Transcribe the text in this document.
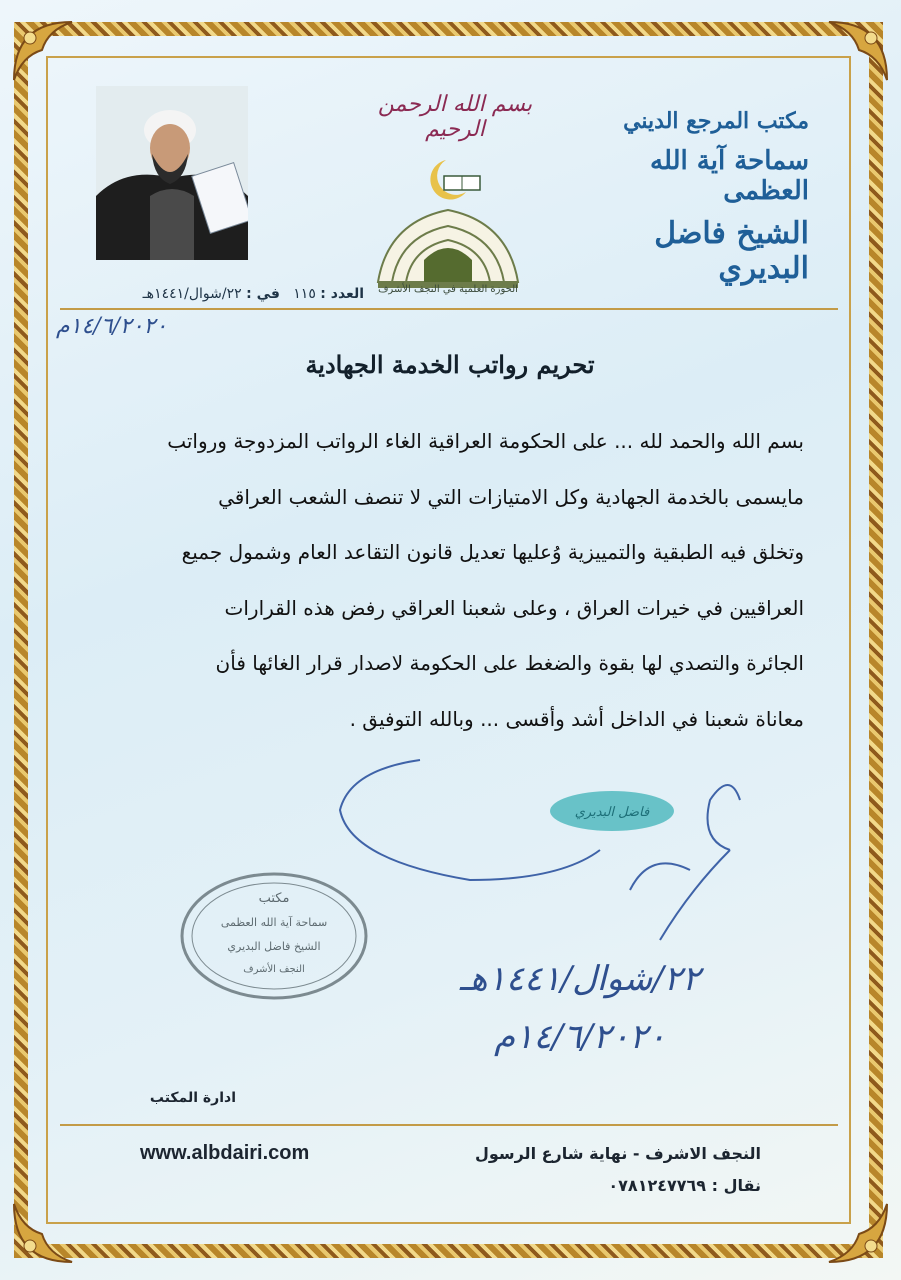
مكتب المرجع الديني
سماحة آية الله العظمى
الشيخ فاضل البديري
بسم الله الرحمن الرحيم
الحوزة العلمية في النجف الأشرف
العدد : ١١٥   في : ٢٢/شوال/١٤٤١هـ
١٤/٦/٢٠٢٠م
تحريم رواتب الخدمة الجهادية

بسم الله والحمد لله ... على الحكومة العراقية الغاء الرواتب المزدوجة ورواتب

مايسمى بالخدمة الجهادية وكل الامتيازات التي لا تنصف الشعب العراقي

وتخلق فيه الطبقية والتمييزية وُعليها تعديل قانون التقاعد العام وشمول جميع

العراقيين في خيرات العراق ، وعلى شعبنا العراقي رفض هذه القرارات

الجائرة والتصدي لها بقوة والضغط على الحكومة لاصدار قرار الغائها فأن

معاناة شعبنا في الداخل أشد وأقسى ... وبالله التوفيق .

فاضل البديري
مكتب
سماحة آية الله العظمى
الشيخ فاضل البديري
النجف الأشرف	٢٢/شوال/١٤٤١هـ
١٤/٦/٢٠٢٠م
ادارة المكتب
النجف الاشرف - نهاية شارع الرسول
نقال : ٠٧٨١٢٤٧٧٦٩
www.albdairi.com
